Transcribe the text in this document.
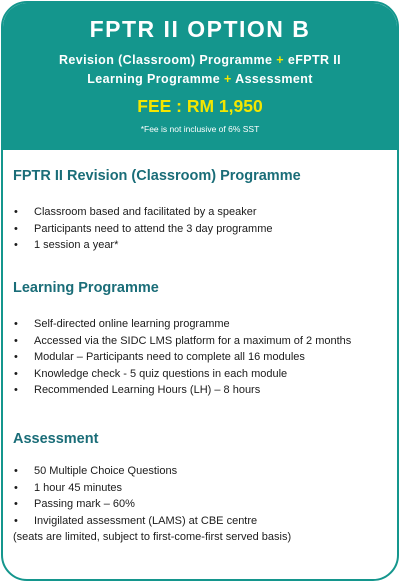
FPTR II OPTION B
Revision (Classroom) Programme + eFPTR II
Learning Programme + Assessment
FEE : RM 1,950
*Fee is not inclusive of 6% SST
FPTR II Revision (Classroom) Programme
• Classroom based and facilitated by a speaker
• Participants need to attend the 3 day programme
• 1 session a year*
Learning Programme
• Self-directed online learning programme
• Accessed via the SIDC LMS platform for a maximum of 2 months
• Modular – Participants need to complete all 16 modules
• Knowledge check - 5 quiz questions in each module
• Recommended Learning Hours (LH) – 8 hours
Assessment
• 50 Multiple Choice Questions
• 1 hour 45 minutes
• Passing mark – 60%
• Invigilated assessment (LAMS) at CBE centre
(seats are limited, subject to first-come-first served basis)
